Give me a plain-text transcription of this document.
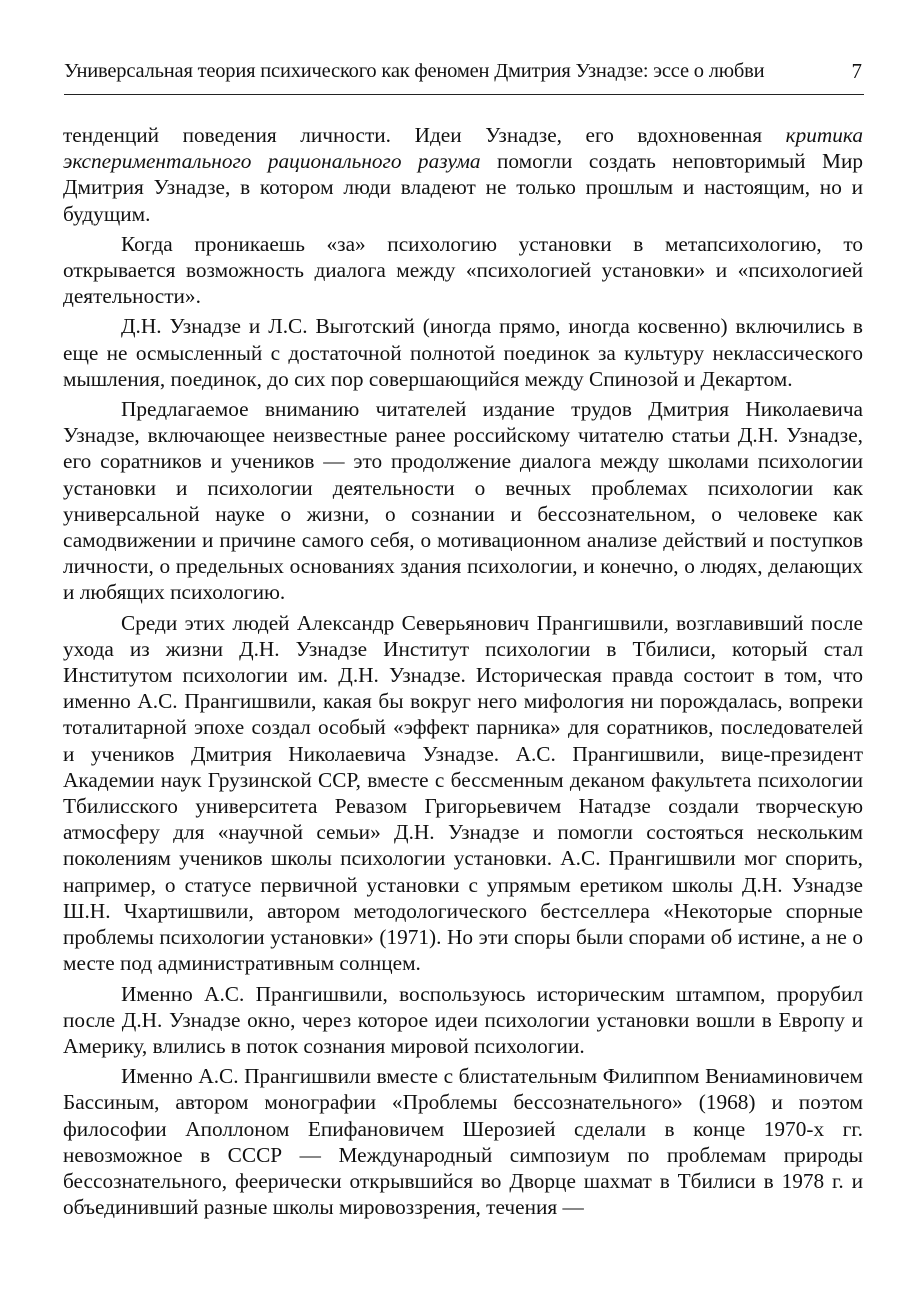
Универсальная теория психического как феномен Дмитрия Узнадзе: эссе о любви	7

тенденций поведения личности. Идеи Узнадзе, его вдохновенная критика экспериментального рационального разума помогли создать неповторимый Мир Дмитрия Узнадзе, в котором люди владеют не только прошлым и настоящим, но и будущим.

Когда проникаешь «за» психологию установки в метапсихологию, то открывается возможность диалога между «психологией установки» и «психологией деятельности».

Д.Н. Узнадзе и Л.С. Выготский (иногда прямо, иногда косвенно) включились в еще не осмысленный с достаточной полнотой поединок за культуру неклассического мышления, поединок, до сих пор совершающийся между Спинозой и Декартом.

Предлагаемое вниманию читателей издание трудов Дмитрия Николаевича Узнадзе, включающее неизвестные ранее российскому читателю статьи Д.Н. Узнадзе, его соратников и учеников — это продолжение диалога между школами психологии установки и психологии деятельности о вечных проблемах психологии как универсальной науке о жизни, о сознании и бессознательном, о человеке как самодвижении и причине самого себя, о мотивационном анализе действий и поступков личности, о предельных основаниях здания психологии, и конечно, о людях, делающих и любящих психологию.

Среди этих людей Александр Северьянович Прангишвили, возглавивший после ухода из жизни Д.Н. Узнадзе Институт психологии в Тбилиси, который стал Институтом психологии им. Д.Н. Узнадзе. Историческая правда состоит в том, что именно А.С. Прангишвили, какая бы вокруг него мифология ни порождалась, вопреки тоталитарной эпохе создал особый «эффект парника» для соратников, последователей и учеников Дмитрия Николаевича Узнадзе. А.С. Прангишвили, вице-президент Академии наук Грузинской ССР, вместе с бессменным деканом факультета психологии Тбилисского университета Ревазом Григорьевичем Натадзе создали творческую атмосферу для «научной семьи» Д.Н. Узнадзе и помогли состояться нескольким поколениям учеников школы психологии установки. А.С. Прангишвили мог спорить, например, о статусе первичной установки с упрямым еретиком школы Д.Н. Узнадзе Ш.Н. Чхартишвили, автором методологического бестселлера «Некоторые спорные проблемы психологии установки» (1971). Но эти споры были спорами об истине, а не о месте под административным солнцем.

Именно А.С. Прангишвили, воспользуюсь историческим штампом, прорубил после Д.Н. Узнадзе окно, через которое идеи психологии установки вошли в Европу и Америку, влились в поток сознания мировой психологии.

Именно А.С. Прангишвили вместе с блистательным Филиппом Вениаминовичем Бассиным, автором монографии «Проблемы бессознательного» (1968) и поэтом философии Аполлоном Епифановичем Шерозией сделали в конце 1970-х гг. невозможное в СССР — Международный симпозиум по проблемам природы бессознательного, феерически открывшийся во Дворце шахмат в Тбилиси в 1978 г. и объединивший разные школы мировоззрения, течения —
